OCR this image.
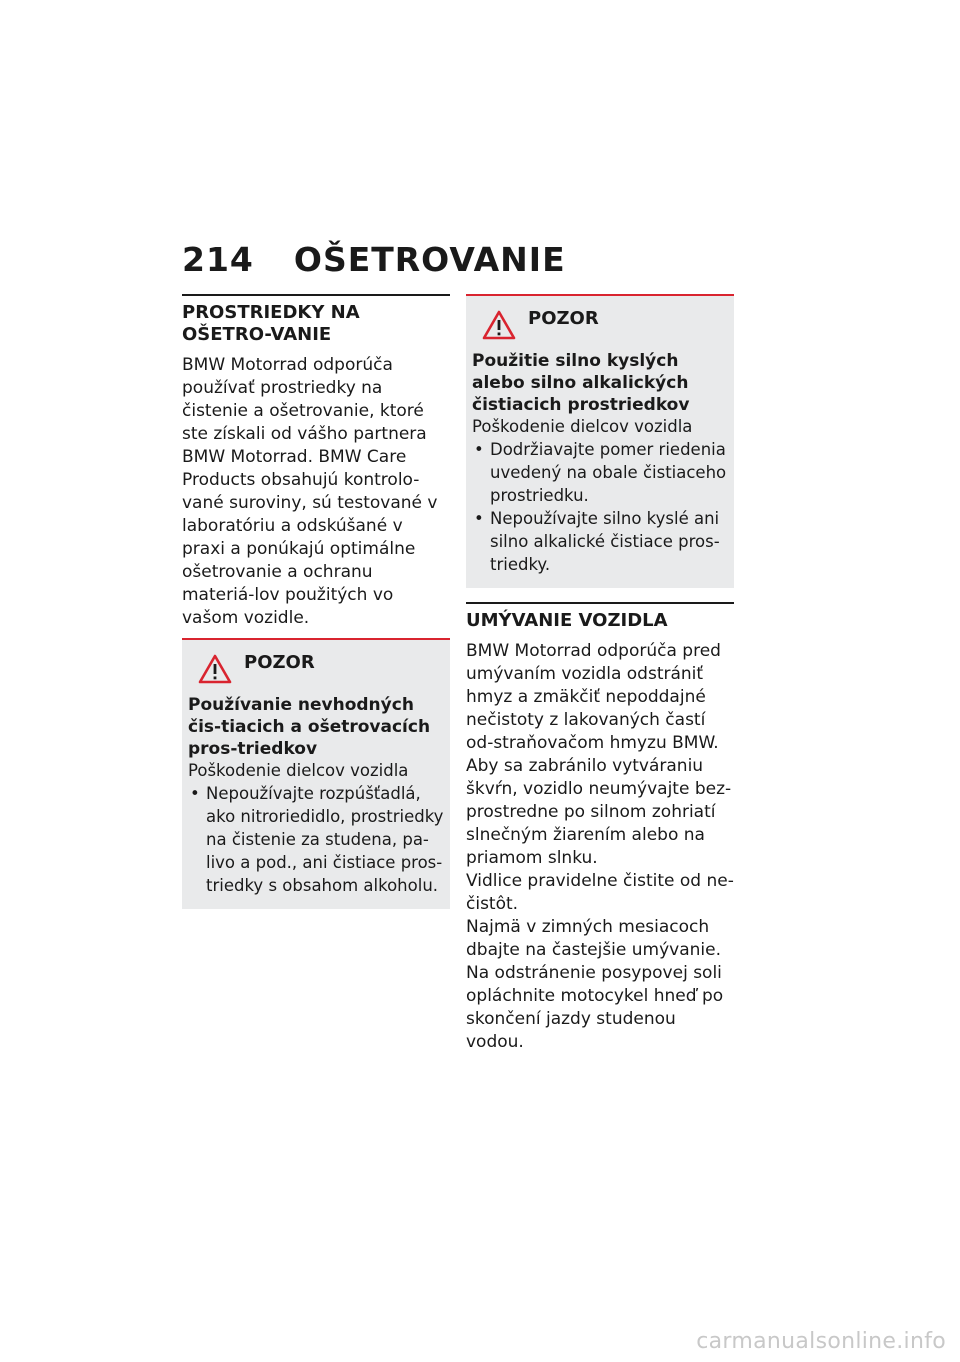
214 OŠETROVANIE
PROSTRIEDKY NA OŠETRO-VANIE

BMW Motorrad odporúča používať prostriedky na čistenie a ošetrovanie, ktoré ste získali od vášho partnera BMW Motorrad. BMW Care Products obsahujú kontrolo-vané suroviny, sú testované v laboratóriu a odskúšané v praxi a ponúkajú optimálne ošetrovanie a ochranu materiá-lov použitých vo vašom vozidle.

POZOR

Používanie nevhodných čis-tiacich a ošetrovacích pros-triedkov

Poškodenie dielcov vozidla

• Nepoužívajte rozpúšťadlá, ako nitroriedidlo, prostriedky na čistenie za studena, pa-livo a pod., ani čistiace pros-triedky s obsahom alkoholu.
POZOR

Použitie silno kyslých alebo silno alkalických čistiacich prostriedkov

Poškodenie dielcov vozidla

• Dodržiavajte pomer riedenia uvedený na obale čistiaceho prostriedku.
• Nepoužívajte silno kyslé ani silno alkalické čistiace pros-triedky.
UMÝVANIE VOZIDLA

BMW Motorrad odporúča pred umývaním vozidla odstrániť hmyz a zmäkčiť nepoddajné nečistoty z lakovaných častí od-straňovačom hmyzu BMW.

Aby sa zabránilo vytváraniu škvŕn, vozidlo neumývajte bez-prostredne po silnom zohriatí slnečným žiarením alebo na priamom slnku.

Vidlice pravidelne čistite od ne-čistôt.

Najmä v zimných mesiacoch dbajte na častejšie umývanie.

Na odstránenie posypovej soli opláchnite motocykel hneď po skončení jazdy studenou vodou.

carmanualsonline.info
